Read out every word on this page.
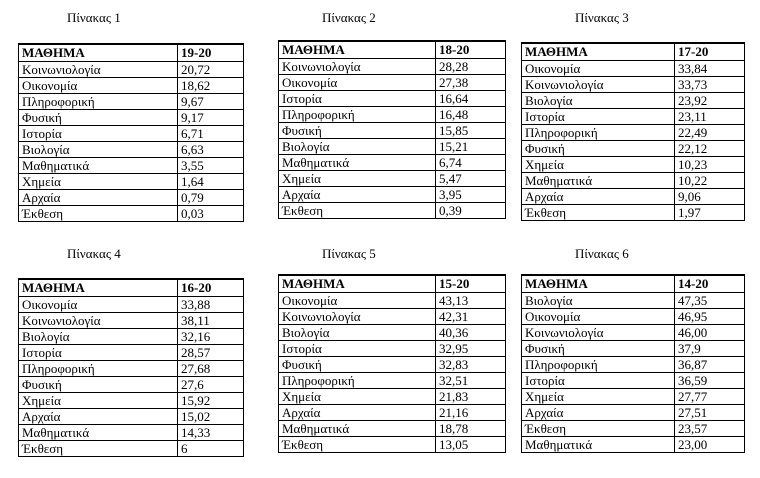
Πίνακας 1
ΜΑΘΗΜΑ	19-20
Κοινωνιολογία	20,72
Οικονομία	18,62
Πληροφορική	9,67
Φυσική	9,17
Ιστορία	6,71
Βιολογία	6,63
Μαθηματικά	3,55
Χημεία	1,64
Αρχαία	0,79
Έκθεση	0,03
Πίνακας 2
ΜΑΘΗΜΑ	18-20
Κοινωνιολογία	28,28
Οικονομία	27,38
Ιστορία	16,64
Πληροφορική	16,48
Φυσική	15,85
Βιολογία	15,21
Μαθηματικά	6,74
Χημεία	5,47
Αρχαία	3,95
Έκθεση	0,39
Πίνακας 3
ΜΑΘΗΜΑ	17-20
Οικονομία	33,84
Κοινωνιολογία	33,73
Βιολογία	23,92
Ιστορία	23,11
Πληροφορική	22,49
Φυσική	22,12
Χημεία	10,23
Μαθηματικά	10,22
Αρχαία	9,06
Έκθεση	1,97
Πίνακας 4
ΜΑΘΗΜΑ	16-20
Οικονομία	33,88
Κοινωνιολογία	38,11
Βιολογία	32,16
Ιστορία	28,57
Πληροφορική	27,68
Φυσική	27,6
Χημεία	15,92
Αρχαία	15,02
Μαθηματικά	14,33
Έκθεση	6
Πίνακας 5
ΜΑΘΗΜΑ	15-20
Οικονομία	43,13
Κοινωνιολογία	42,31
Βιολογία	40,36
Ιστορία	32,95
Φυσική	32,83
Πληροφορική	32,51
Χημεία	21,83
Αρχαία	21,16
Μαθηματικά	18,78
Έκθεση	13,05
Πίνακας 6
ΜΑΘΗΜΑ	14-20
Βιολογία	47,35
Οικονομία	46,95
Κοινωνιολογία	46,00
Φυσική	37,9
Πληροφορική	36,87
Ιστορία	36,59
Χημεία	27,77
Αρχαία	27,51
Έκθεση	23,57
Μαθηματικά	23,00
